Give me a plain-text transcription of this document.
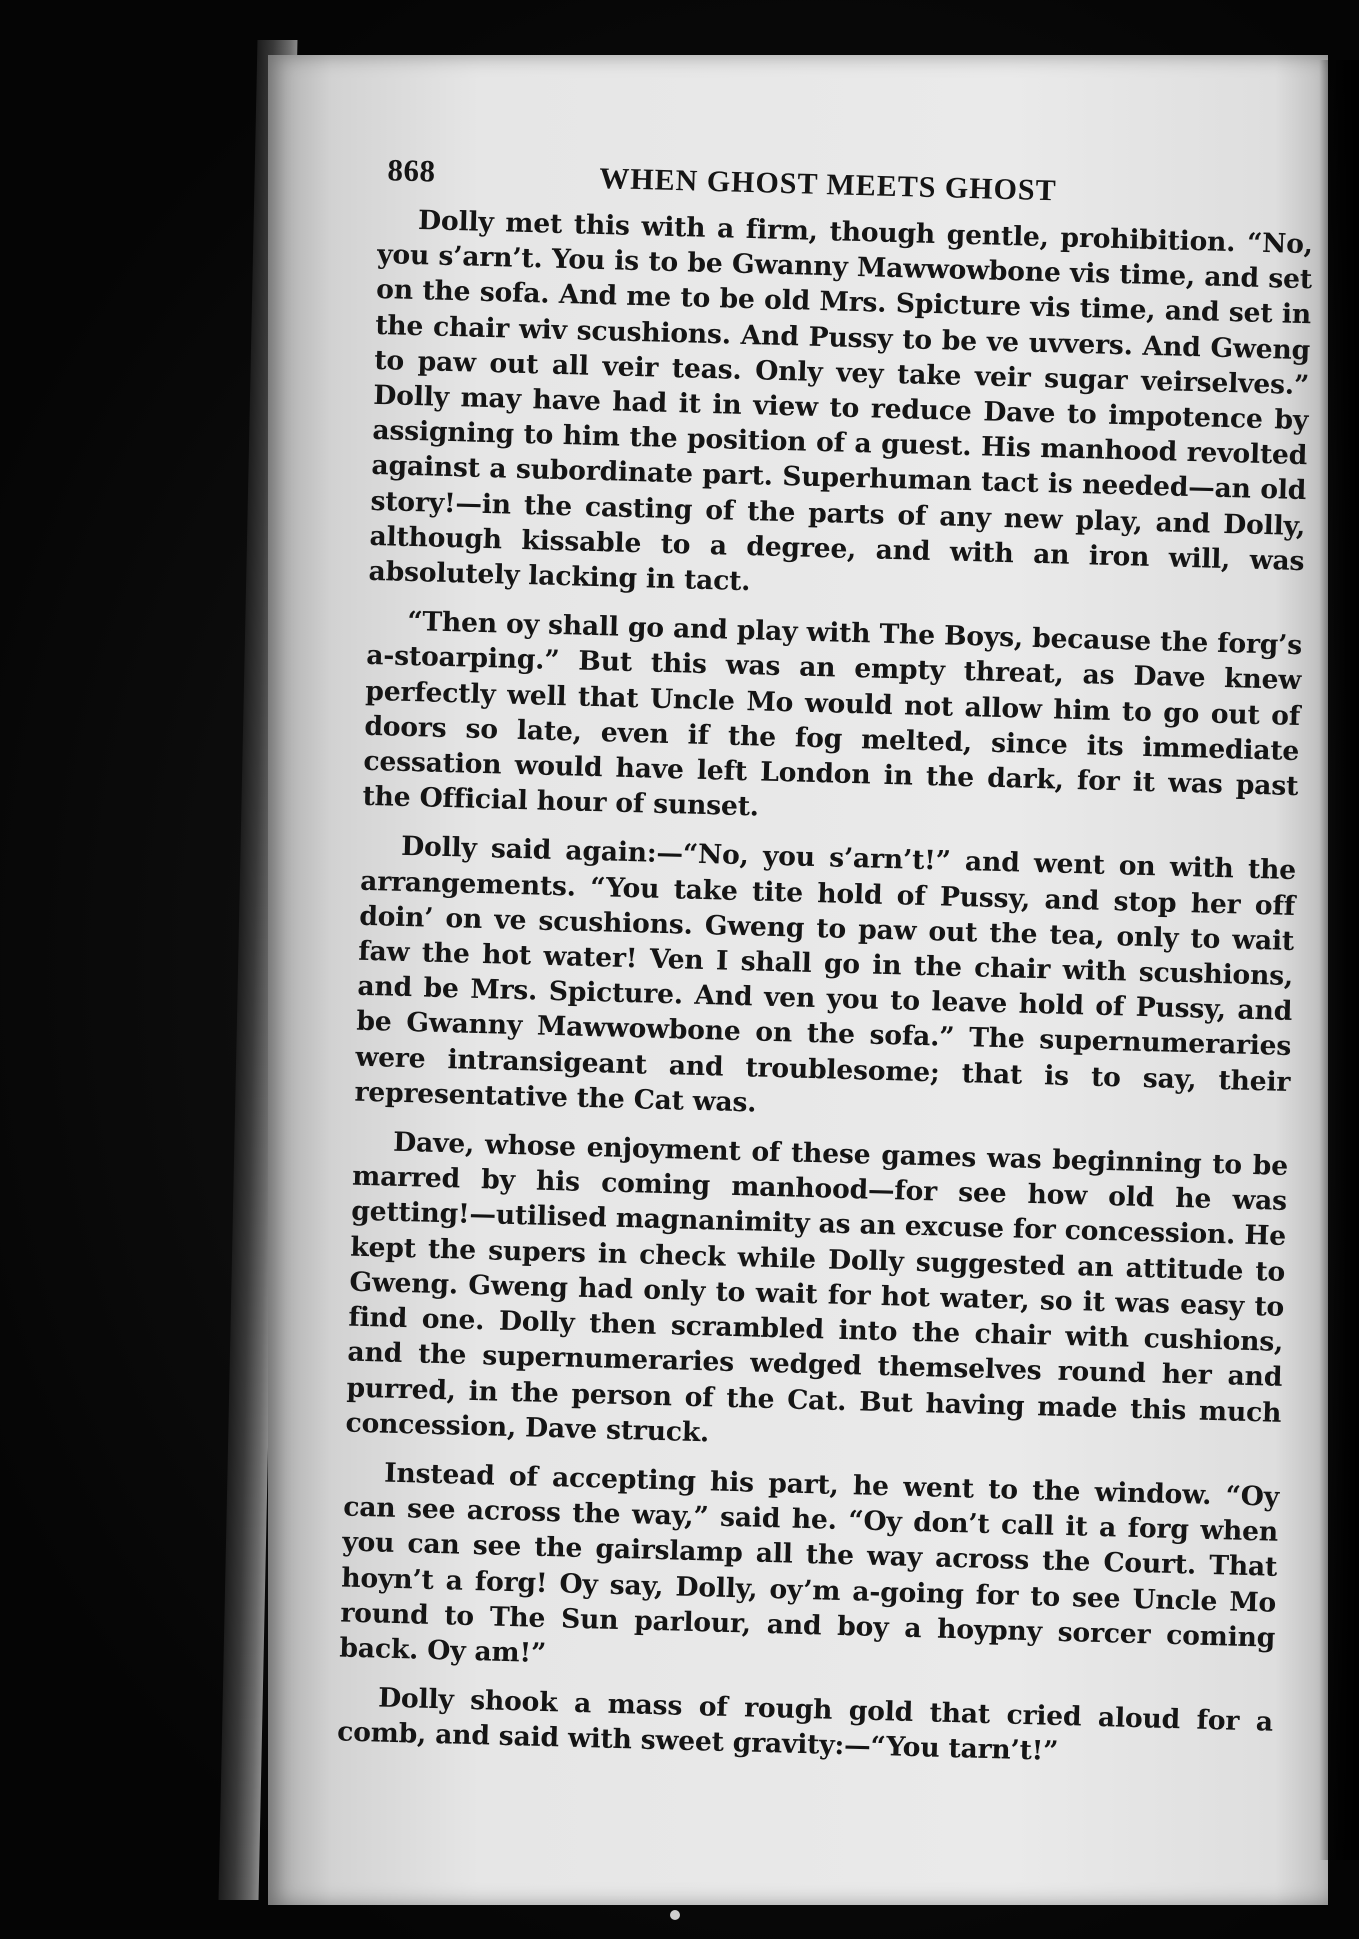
868	WHEN GHOST MEETS GHOST

Dolly met this with a firm, though gentle, prohibition. “No, you s’arn’t. You is to be Gwanny Mawwowbone vis time, and set on the sofa. And me to be old Mrs. Spicture vis time, and set in the chair wiv scushions. And Pussy to be ve uvvers. And Gweng to paw out all veir teas. Only vey take veir sugar veirselves.” Dolly may have had it in view to reduce Dave to impotence by assigning to him the position of a guest. His manhood revolted against a subordinate part. Superhuman tact is needed—an old story!—in the casting of the parts of any new play, and Dolly, although kissable to a degree, and with an iron will, was absolutely lacking in tact.

“Then oy shall go and play with The Boys, because the forg’s a-stoarping.” But this was an empty threat, as Dave knew perfectly well that Uncle Mo would not allow him to go out of doors so late, even if the fog melted, since its immediate cessation would have left London in the dark, for it was past the Official hour of sunset.

Dolly said again:—“No, you s’arn’t!” and went on with the arrangements. “You take tite hold of Pussy, and stop her off doin’ on ve scushions. Gweng to paw out the tea, only to wait faw the hot water! Ven I shall go in the chair with scushions, and be Mrs. Spicture. And ven you to leave hold of Pussy, and be Gwanny Mawwowbone on the sofa.” The supernumeraries were intransigeant and troublesome; that is to say, their representative the Cat was.

Dave, whose enjoyment of these games was beginning to be marred by his coming manhood—for see how old he was getting!—utilised magnanimity as an excuse for concession. He kept the supers in check while Dolly suggested an attitude to Gweng. Gweng had only to wait for hot water, so it was easy to find one. Dolly then scrambled into the chair with cushions, and the supernumeraries wedged themselves round her and purred, in the person of the Cat. But having made this much concession, Dave struck.

Instead of accepting his part, he went to the window. “Oy can see across the way,” said he. “Oy don’t call it a forg when you can see the gairslamp all the way across the Court. That hoyn’t a forg! Oy say, Dolly, oy’m a-going for to see Uncle Mo round to The Sun parlour, and boy a hoypny sorcer coming back. Oy am!”

Dolly shook a mass of rough gold that cried aloud for a comb, and said with sweet gravity:—“You tarn’t!”
